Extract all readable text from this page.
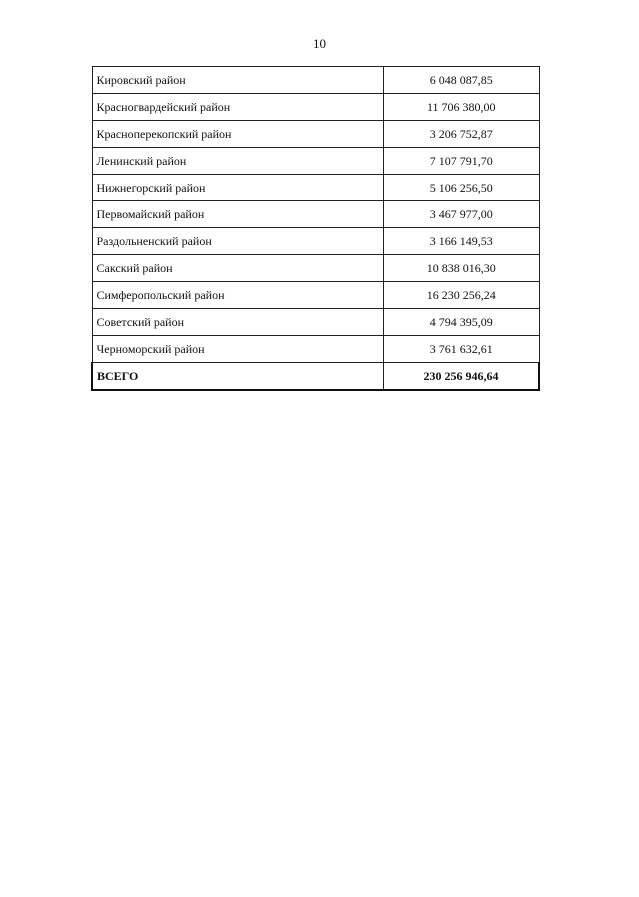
10
Кировский район	6 048 087,85
Красногвардейский район	11 706 380,00
Красноперекопский район	3 206 752,87
Ленинский район	7 107 791,70
Нижнегорский район	5 106 256,50
Первомайский район	3 467 977,00
Раздольненский район	3 166 149,53
Сакский район	10 838 016,30
Симферопольский район	16 230 256,24
Советский район	4 794 395,09
Черноморский район	3 761 632,61
ВСЕГО	230 256 946,64
